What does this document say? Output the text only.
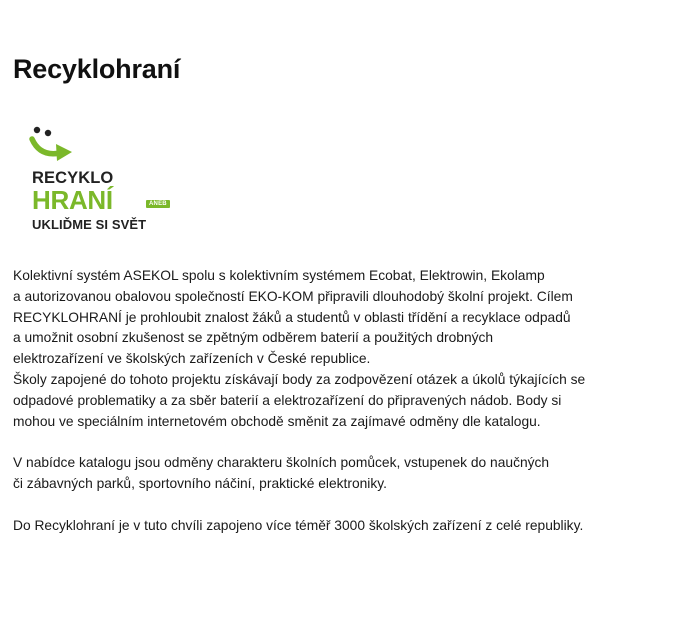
Recyklohraní
RECYKLO
HRANÍ	ANEB
UKLIĎME SI SVĚT
Kolektivní systém ASEKOL spolu s kolektivním systémem Ecobat, Elektrowin, Ekolamp
a autorizovanou obalovou společností EKO-KOM připravili dlouhodobý školní projekt. Cílem
RECYKLOHRANÍ je prohloubit znalost žáků a studentů v oblasti třídění a recyklace odpadů
a umožnit osobní zkušenost se zpětným odběrem baterií a použitých drobných
elektrozařízení ve školských zařízeních v České republice.
Školy zapojené do tohoto projektu získávají body za zodpovězení otázek a úkolů týkajících se
odpadové problematiky a za sběr baterií a elektrozařízení do připravených nádob. Body si
mohou ve speciálním internetovém obchodě směnit za zajímavé odměny dle katalogu.
V nabídce katalogu jsou odměny charakteru školních pomůcek, vstupenek do naučných
či zábavných parků, sportovního náčiní, praktické elektroniky.
Do Recyklohraní je v tuto chvíli zapojeno více téměř 3000 školských zařízení z celé republiky.
